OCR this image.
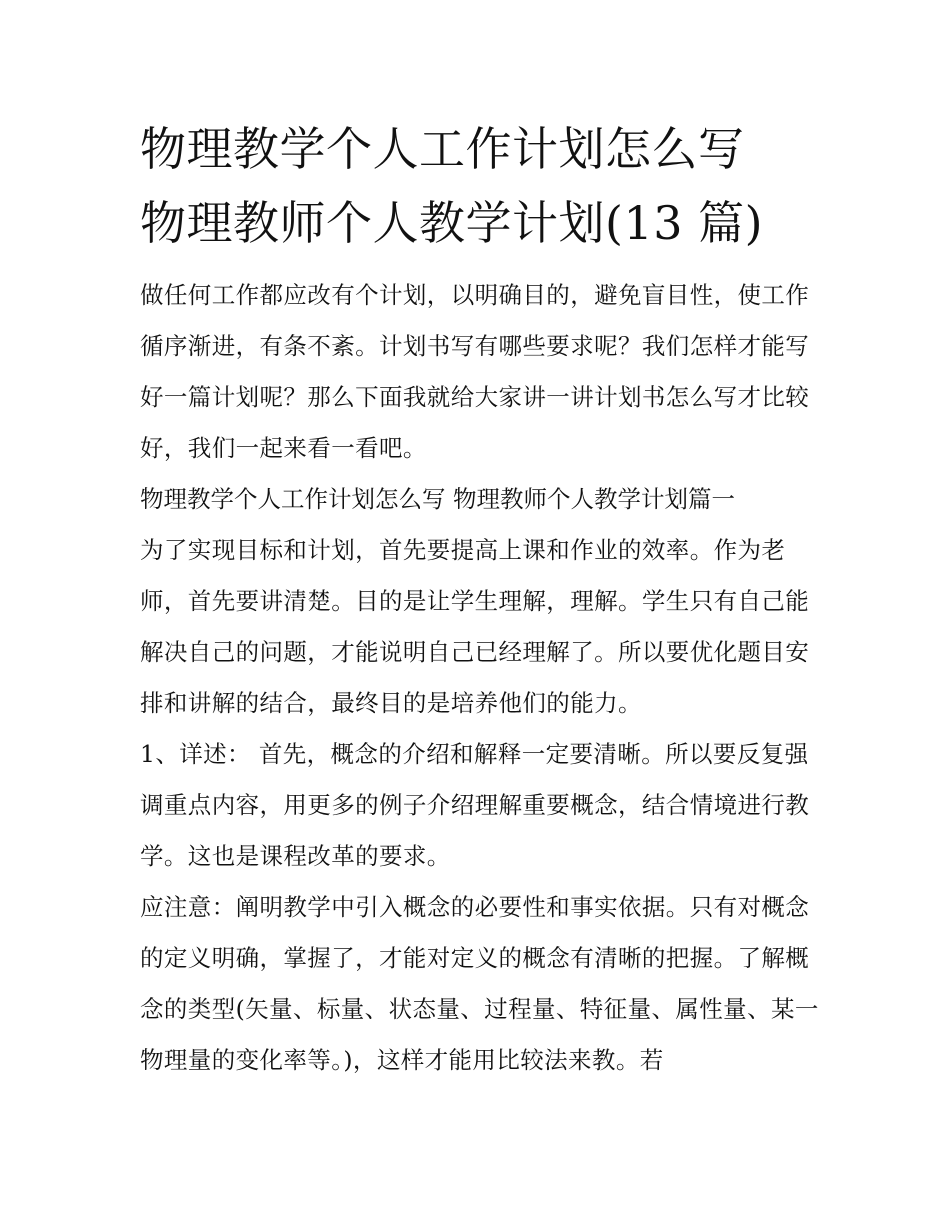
物理教学个人工作计划怎么写
物理教师个人教学计划(13 篇)

做任何工作都应改有个计划，以明确目的，避免盲目性，使工作循序渐进，有条不紊。计划书写有哪些要求呢？我们怎样才能写好一篇计划呢？那么下面我就给大家讲一讲计划书怎么写才比较好，我们一起来看一看吧。

物理教学个人工作计划怎么写 物理教师个人教学计划篇一

为了实现目标和计划，首先要提高上课和作业的效率。作为老师，首先要讲清楚。目的是让学生理解，理解。学生只有自己能解决自己的问题，才能说明自己已经理解了。所以要优化题目安排和讲解的结合，最终目的是培养他们的能力。

1、详述： 首先，概念的介绍和解释一定要清晰。所以要反复强调重点内容，用更多的例子介绍理解重要概念，结合情境进行教学。这也是课程改革的要求。

应注意：阐明教学中引入概念的必要性和事实依据。只有对概念的定义明确，掌握了，才能对定义的概念有清晰的把握。了解概念的类型(矢量、标量、状态量、过程量、特征量、属性量、某一物理量的变化率等。)，这样才能用比较法来教。若
